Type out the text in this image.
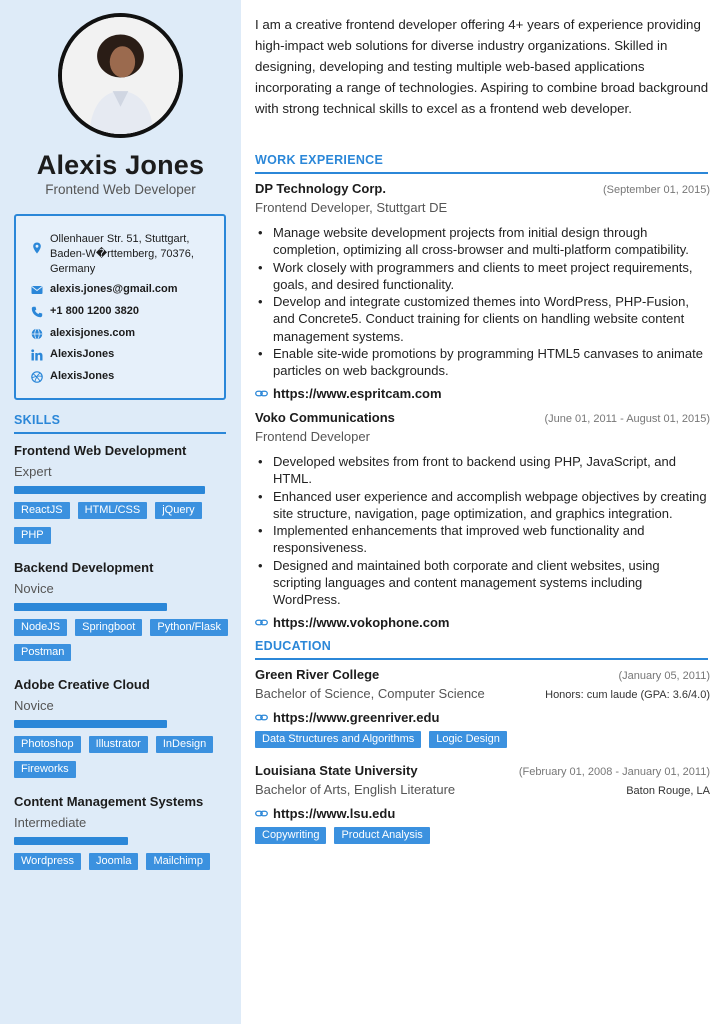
Alexis Jones
Frontend Web Developer
Ollenhauer Str. 51, Stuttgart, Baden-W�rttemberg, 70376, Germany
alexis.jones@gmail.com
+1 800 1200 3820
alexisjones.com
AlexisJones
AlexisJones
SKILLS
Frontend Web Development
Expert
ReactJS	HTML/CSS	jQuery
PHP
Backend Development
Novice
NodeJS	Springboot	Python/Flask
Postman
Adobe Creative Cloud
Novice
Photoshop	Illustrator	InDesign
Fireworks
Content Management Systems
Intermediate
Wordpress	Joomla	Mailchimp
I am a creative frontend developer offering 4+ years of experience providing high-impact web solutions for diverse industry organizations. Skilled in designing, developing and testing multiple web-based applications incorporating a range of technologies. Aspiring to combine broad background with strong technical skills to excel as a frontend web developer.
WORK EXPERIENCE
DP Technology Corp.	(September 01, 2015)
Frontend Developer, Stuttgart DE
• Manage website development projects from initial design through completion, optimizing all cross-browser and multi-platform compatibility.
• Work closely with programmers and clients to meet project requirements, goals, and desired functionality.
• Develop and integrate customized themes into WordPress, PHP-Fusion, and Concrete5. Conduct training for clients on handling website content management systems.
• Enable site-wide promotions by programming HTML5 canvases to animate particles on web backgrounds.
https://www.espritcam.com
Voko Communications	(June 01, 2011 - August 01, 2015)
Frontend Developer
• Developed websites from front to backend using PHP, JavaScript, and HTML.
• Enhanced user experience and accomplish webpage objectives by creating site structure, navigation, page optimization, and graphics integration.
• Implemented enhancements that improved web functionality and responsiveness.
• Designed and maintained both corporate and client websites, using scripting languages and content management systems including WordPress.
https://www.vokophone.com
EDUCATION
Green River College	(January 05, 2011)
Bachelor of Science, Computer Science	Honors: cum laude (GPA: 3.6/4.0)
https://www.greenriver.edu
Data Structures and Algorithms	Logic Design
Louisiana State University	(February 01, 2008 - January 01, 2011)
Bachelor of Arts, English Literature	Baton Rouge, LA
https://www.lsu.edu
Copywriting	Product Analysis
